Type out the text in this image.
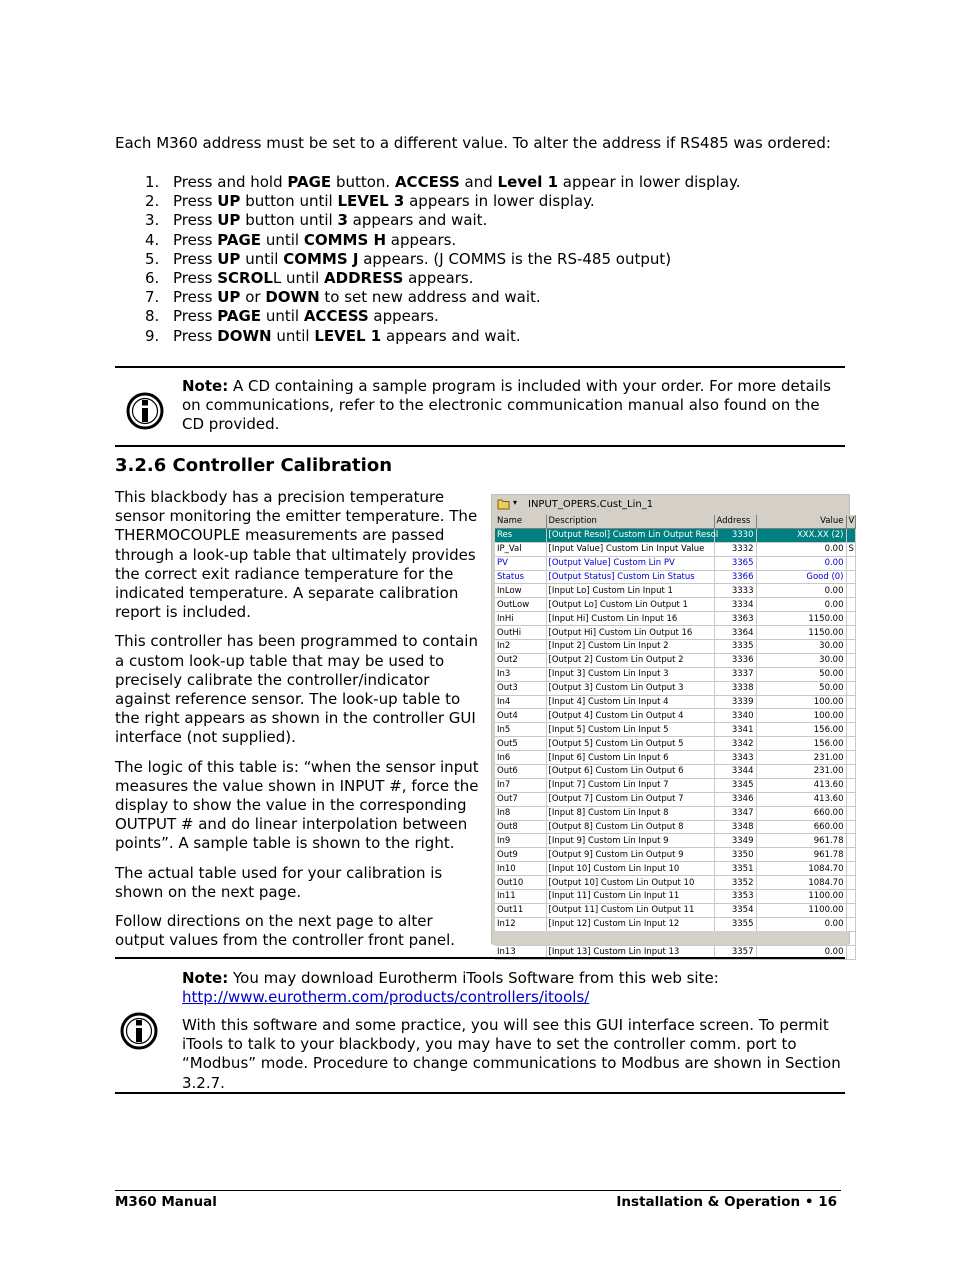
Each M360 address must be set to a different value. To alter the address if RS485 was ordered:
1. Press and hold PAGE button. ACCESS and Level 1 appear in lower display.
2. Press UP button until LEVEL 3 appears in lower display.
3. Press UP button until 3 appears and wait.
4. Press PAGE until COMMS H appears.
5. Press UP until COMMS J appears. (J COMMS is the RS-485 output)
6. Press SCROLL until ADDRESS appears.
7. Press UP or DOWN to set new address and wait.
8. Press PAGE until ACCESS appears.
9. Press DOWN until LEVEL 1 appears and wait.
Note: A CD containing a sample program is included with your order. For more details on communications, refer to the electronic communication manual also found on the CD provided.
3.2.6 Controller Calibration

This blackbody has a precision temperature sensor monitoring the emitter temperature. The THERMOCOUPLE measurements are passed through a look-up table that ultimately provides the correct exit radiance temperature for the indicated temperature. A separate calibration report is included.

This controller has been programmed to contain a custom look-up table that may be used to precisely calibrate the controller/indicator against reference sensor. The look-up table to the right appears as shown in the controller GUI interface (not supplied).

The logic of this table is: “when the sensor input measures the value shown in INPUT #, force the display to show the value in the corresponding OUTPUT # and do linear interpolation between points”. A sample table is shown to the right.

The actual table used for your calibration is shown on the next page.

Follow directions on the next page to alter output values from the controller front panel.

▾ INPUT_OPERS.Cust_Lin_1
Name	Description	Address	Value	V
Res	[Output Resol] Custom Lin Output Resol	3330	XXX.XX (2)	
IP_Val	[Input Value] Custom Lin Input Value	3332	0.00	S
PV	[Output Value] Custom Lin PV	3365	0.00	
Status	[Output Status] Custom Lin Status	3366	Good (0)	
InLow	[Input Lo] Custom Lin Input 1	3333	0.00	
OutLow	[Output Lo] Custom Lin Output 1	3334	0.00	
InHi	[Input Hi] Custom Lin Input 16	3363	1150.00	
OutHi	[Output Hi] Custom Lin Output 16	3364	1150.00	
In2	[Input 2] Custom Lin Input 2	3335	30.00	
Out2	[Output 2] Custom Lin Output 2	3336	30.00	
In3	[Input 3] Custom Lin Input 3	3337	50.00	
Out3	[Output 3] Custom Lin Output 3	3338	50.00	
In4	[Input 4] Custom Lin Input 4	3339	100.00	
Out4	[Output 4] Custom Lin Output 4	3340	100.00	
In5	[Input 5] Custom Lin Input 5	3341	156.00	
Out5	[Output 5] Custom Lin Output 5	3342	156.00	
In6	[Input 6] Custom Lin Input 6	3343	231.00	
Out6	[Output 6] Custom Lin Output 6	3344	231.00	
In7	[Input 7] Custom Lin Input 7	3345	413.60	
Out7	[Output 7] Custom Lin Output 7	3346	413.60	
In8	[Input 8] Custom Lin Input 8	3347	660.00	
Out8	[Output 8] Custom Lin Output 8	3348	660.00	
In9	[Input 9] Custom Lin Input 9	3349	961.78	
Out9	[Output 9] Custom Lin Output 9	3350	961.78	
In10	[Input 10] Custom Lin Input 10	3351	1084.70	
Out10	[Output 10] Custom Lin Output 10	3352	1084.70	
In11	[Input 11] Custom Lin Input 11	3353	1100.00	
Out11	[Output 11] Custom Lin Output 11	3354	1100.00	
In12	[Input 12] Custom Lin Input 12	3355	0.00	

In13	[Input 13] Custom Lin Input 13	3357	0.00	
Note: You may download Eurotherm iTools Software from this web site:
http://www.eurotherm.com/products/controllers/itools/
With this software and some practice, you will see this GUI interface screen. To permit iTools to talk to your blackbody, you may have to set the controller comm. port to “Modbus” mode. Procedure to change communications to Modbus are shown in Section 3.2.7.
M360 Manual	Installation & Operation • 16
